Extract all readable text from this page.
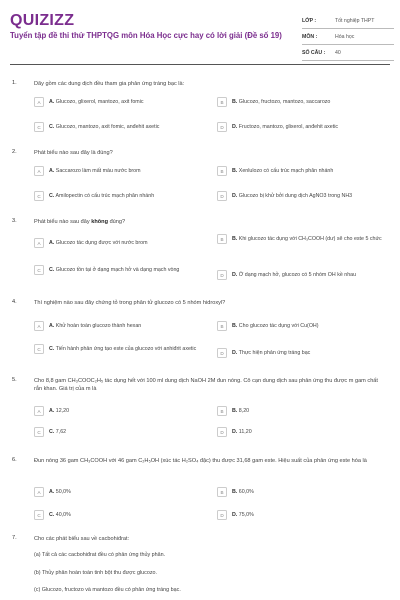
QUIZIZZ
Tuyển tập đề thi thử THPTQG môn Hóa Học cực hay có lời giải (Đề số 19)
LỚP :	Tốt nghiệp THPT
MÔN :	Hóa học
SỐ CÂU :	40
1.	Dãy gồm các dung dịch đều tham gia phản ứng tráng bạc là:
A	A. Glucozo, glixerol, mantozo, axit fomic	B	B. Glucozo, fructozo, mantozo, saccarozo
C	C. Glucozo, mantozo, axit fomic, anđehit axetic	D	D. Fructozo, mantozo, glixerol, anđehit axetic
2.	Phát biểu nào sau đây là đúng?
A	A. Saccarozo làm mất màu nước brom	B	B. Xenlulozo có cấu trúc mạch phân nhánh
C	C. Amilopectin có cấu trúc mạch phân nhánh	D	D. Glucozo bị khử bởi dung dịch AgNO3 trong NH3
3.	Phát biểu nào sau đây không đúng?
A	A. Glucozo tác dụng được với nước brom
B	B. Khi glucozo tác dụng với CH₃COOH (dư) sẽ cho este 5 chức
C	C. Glucozo tồn tại ở dạng mạch hở và dạng mạch vòng
D	D. Ở dạng mạch hở, glucozo có 5 nhóm OH kề nhau
4.	Thí nghiệm nào sau đây chứng tỏ trong phân tử glucozo có 5 nhóm hidroxyl?
A	A. Khử hoàn toàn glucozo thành hexan	B	B. Cho glucozo tác dụng với Cu(OH)
C	C. Tiến hành phản ứng tạo este của glucozo với anhiđrit axetic
D	D. Thực hiện phản ứng tráng bạc
5.	Cho 8,8 gam CH₃COOC₂H₅ tác dụng hết với 100 ml dung dịch NaOH 2M đun nóng. Cô cạn dung dịch sau phản ứng thu được m gam chất rắn khan. Giá trị của m là
A	A. 12,20	B	B. 8,20
C	C. 7,62	D	D. 11,20
6.	Đun nóng 36 gam CH₃COOH với 46 gam C₂H₅OH (xúc tác H₂SO₄ đặc) thu được 31,68 gam este. Hiệu suất của phản ứng este hóa là
A	A. 50,0%	B	B. 60,0%
C	C. 40,0%	D	D. 75,0%
7.	Cho các phát biểu sau về cacbohiđrat:
(a) Tất cả các cacbohiđrat đều có phản ứng thủy phân.
(b) Thủy phân hoàn toàn tinh bột thu được glucozo.
(c) Glucozo, fructozo và mantozo đều có phản ứng tráng bạc.
